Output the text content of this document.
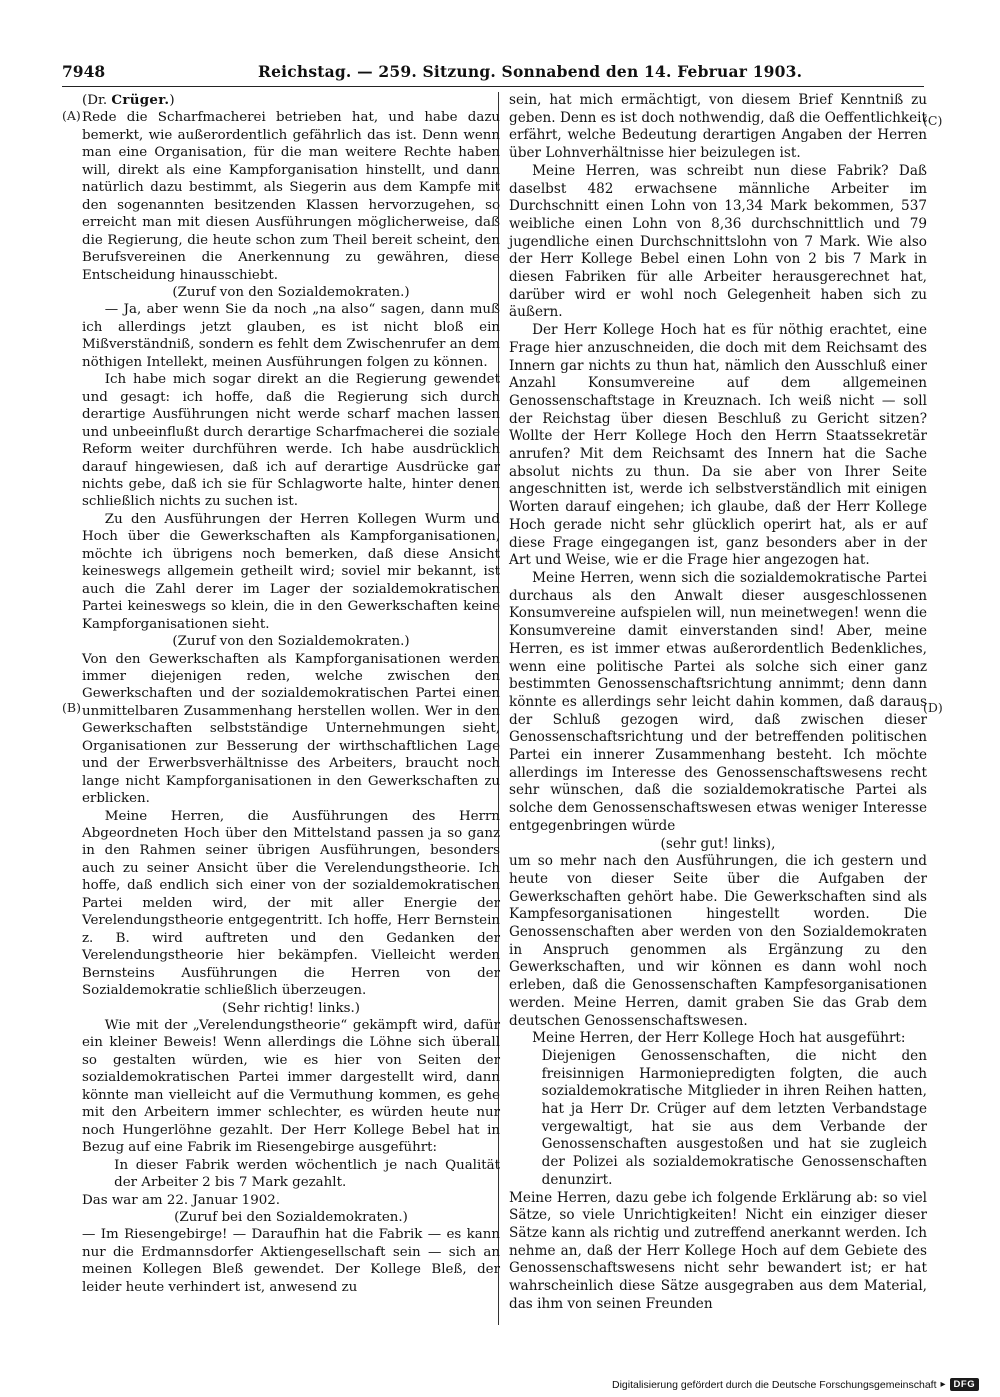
7948	Reichstag. — 259. Sitzung. Sonnabend den 14. Februar 1903.
(A)
(B)
(C)
(D)

(Dr. Crüger.)

Rede die Scharfmacherei betrieben hat, und habe dazu bemerkt, wie außerordentlich gefährlich das ist. Denn wenn man eine Organisation, für die man weitere Rechte haben will, direkt als eine Kampforganisation hinstellt, und dann natürlich dazu bestimmt, als Siegerin aus dem Kampfe mit den sogenannten besitzenden Klassen hervorzugehen, so erreicht man mit diesen Ausführungen möglicherweise, daß die Regierung, die heute schon zum Theil bereit scheint, den Berufsvereinen die Anerkennung zu gewähren, diese Entscheidung hinausschiebt.

(Zuruf von den Sozialdemokraten.)

— Ja, aber wenn Sie da noch „na also“ sagen, dann muß ich allerdings jetzt glauben, es ist nicht bloß ein Mißverständniß, sondern es fehlt dem Zwischenrufer an dem nöthigen Intellekt, meinen Ausführungen folgen zu können.

Ich habe mich sogar direkt an die Regierung gewendet und gesagt: ich hoffe, daß die Regierung sich durch derartige Ausführungen nicht werde scharf machen lassen und unbeeinflußt durch derartige Scharfmacherei die soziale Reform weiter durchführen werde. Ich habe ausdrücklich darauf hingewiesen, daß ich auf derartige Ausdrücke gar nichts gebe, daß ich sie für Schlagworte halte, hinter denen schließlich nichts zu suchen ist.

Zu den Ausführungen der Herren Kollegen Wurm und Hoch über die Gewerkschaften als Kampforganisationen, möchte ich übrigens noch bemerken, daß diese Ansicht keineswegs allgemein getheilt wird; soviel mir bekannt, ist auch die Zahl derer im Lager der sozialdemokratischen Partei keineswegs so klein, die in den Gewerkschaften keine Kampforganisationen sieht.

(Zuruf von den Sozialdemokraten.)

Von den Gewerkschaften als Kampforganisationen werden immer diejenigen reden, welche zwischen den Gewerkschaften und der sozialdemokratischen Partei einen unmittelbaren Zusammenhang herstellen wollen. Wer in den Gewerkschaften selbstständige Unternehmungen sieht, Organisationen zur Besserung der wirthschaftlichen Lage und der Erwerbsverhältnisse des Arbeiters, braucht noch lange nicht Kampforganisationen in den Gewerkschaften zu erblicken.

Meine Herren, die Ausführungen des Herrn Abgeordneten Hoch über den Mittelstand passen ja so ganz in den Rahmen seiner übrigen Ausführungen, besonders auch zu seiner Ansicht über die Verelendungstheorie. Ich hoffe, daß endlich sich einer von der sozialdemokratischen Partei melden wird, der mit aller Energie der Verelendungstheorie entgegentritt. Ich hoffe, Herr Bernstein z. B. wird auftreten und den Gedanken der Verelendungstheorie hier bekämpfen. Vielleicht werden Bernsteins Ausführungen die Herren von der Sozialdemokratie schließlich überzeugen.

(Sehr richtig! links.)

Wie mit der „Verelendungstheorie“ gekämpft wird, dafür ein kleiner Beweis! Wenn allerdings die Löhne sich überall so gestalten würden, wie es hier von Seiten der sozialdemokratischen Partei immer dargestellt wird, dann könnte man vielleicht auf die Vermuthung kommen, es gehe mit den Arbeitern immer schlechter, es würden heute nur noch Hungerlöhne gezahlt. Der Herr Kollege Bebel hat in Bezug auf eine Fabrik im Riesengebirge ausgeführt:

In dieser Fabrik werden wöchentlich je nach Qualität der Arbeiter 2 bis 7 Mark gezahlt.

Das war am 22. Januar 1902.

(Zuruf bei den Sozialdemokraten.)

— Im Riesengebirge! — Daraufhin hat die Fabrik — es kann nur die Erdmannsdorfer Aktiengesellschaft sein — sich an meinen Kollegen Bleß gewendet. Der Kollege Bleß, der leider heute verhindert ist, anwesend zu

sein, hat mich ermächtigt, von diesem Brief Kenntniß zu geben. Denn es ist doch nothwendig, daß die Oeffentlichkeit erfährt, welche Bedeutung derartigen Angaben der Herren über Lohnverhältnisse hier beizulegen ist.

Meine Herren, was schreibt nun diese Fabrik? Daß daselbst 482 erwachsene männliche Arbeiter im Durchschnitt einen Lohn von 13,34 Mark bekommen, 537 weibliche einen Lohn von 8,36 durchschnittlich und 79 jugendliche einen Durchschnittslohn von 7 Mark. Wie also der Herr Kollege Bebel einen Lohn von 2 bis 7 Mark in diesen Fabriken für alle Arbeiter herausgerechnet hat, darüber wird er wohl noch Gelegenheit haben sich zu äußern.

Der Herr Kollege Hoch hat es für nöthig erachtet, eine Frage hier anzuschneiden, die doch mit dem Reichsamt des Innern gar nichts zu thun hat, nämlich den Ausschluß einer Anzahl Konsumvereine auf dem allgemeinen Genossenschaftstage in Kreuznach. Ich weiß nicht — soll der Reichstag über diesen Beschluß zu Gericht sitzen? Wollte der Herr Kollege Hoch den Herrn Staatssekretär anrufen? Mit dem Reichsamt des Innern hat die Sache absolut nichts zu thun. Da sie aber von Ihrer Seite angeschnitten ist, werde ich selbstverständlich mit einigen Worten darauf eingehen; ich glaube, daß der Herr Kollege Hoch gerade nicht sehr glücklich operirt hat, als er auf diese Frage eingegangen ist, ganz besonders aber in der Art und Weise, wie er die Frage hier angezogen hat.

Meine Herren, wenn sich die sozialdemokratische Partei durchaus als den Anwalt dieser ausgeschlossenen Konsumvereine aufspielen will, nun meinetwegen! wenn die Konsumvereine damit einverstanden sind! Aber, meine Herren, es ist immer etwas außerordentlich Bedenkliches, wenn eine politische Partei als solche sich einer ganz bestimmten Genossenschaftsrichtung annimmt; denn dann könnte es allerdings sehr leicht dahin kommen, daß daraus der Schluß gezogen wird, daß zwischen dieser Genossenschaftsrichtung und der betreffenden politischen Partei ein innerer Zusammenhang besteht. Ich möchte allerdings im Interesse des Genossenschaftswesens recht sehr wünschen, daß die sozialdemokratische Partei als solche dem Genossenschaftswesen etwas weniger Interesse entgegenbringen würde

(sehr gut! links),

um so mehr nach den Ausführungen, die ich gestern und heute von dieser Seite über die Aufgaben der Gewerkschaften gehört habe. Die Gewerkschaften sind als Kampfesorganisationen hingestellt worden. Die Genossenschaften aber werden von den Sozialdemokraten in Anspruch genommen als Ergänzung zu den Gewerkschaften, und wir können es dann wohl noch erleben, daß die Genossenschaften Kampfesorganisationen werden. Meine Herren, damit graben Sie das Grab dem deutschen Genossenschaftswesen.

Meine Herren, der Herr Kollege Hoch hat ausgeführt:

Diejenigen Genossenschaften, die nicht den freisinnigen Harmoniepredigten folgten, die auch sozialdemokratische Mitglieder in ihren Reihen hatten, hat ja Herr Dr. Crüger auf dem letzten Verbandstage vergewaltigt, hat sie aus dem Verbande der Genossenschaften ausgestoßen und hat sie zugleich der Polizei als sozialdemokratische Genossenschaften denunzirt.

Meine Herren, dazu gebe ich folgende Erklärung ab: so viel Sätze, so viele Unrichtigkeiten! Nicht ein einziger dieser Sätze kann als richtig und zutreffend anerkannt werden. Ich nehme an, daß der Herr Kollege Hoch auf dem Gebiete des Genossenschaftswesens nicht sehr bewandert ist; er hat wahrscheinlich diese Sätze ausgegraben aus dem Material, das ihm von seinen Freunden

Digitalisierung gefördert durch die Deutsche Forschungsgemeinschaft ▸ DFG
